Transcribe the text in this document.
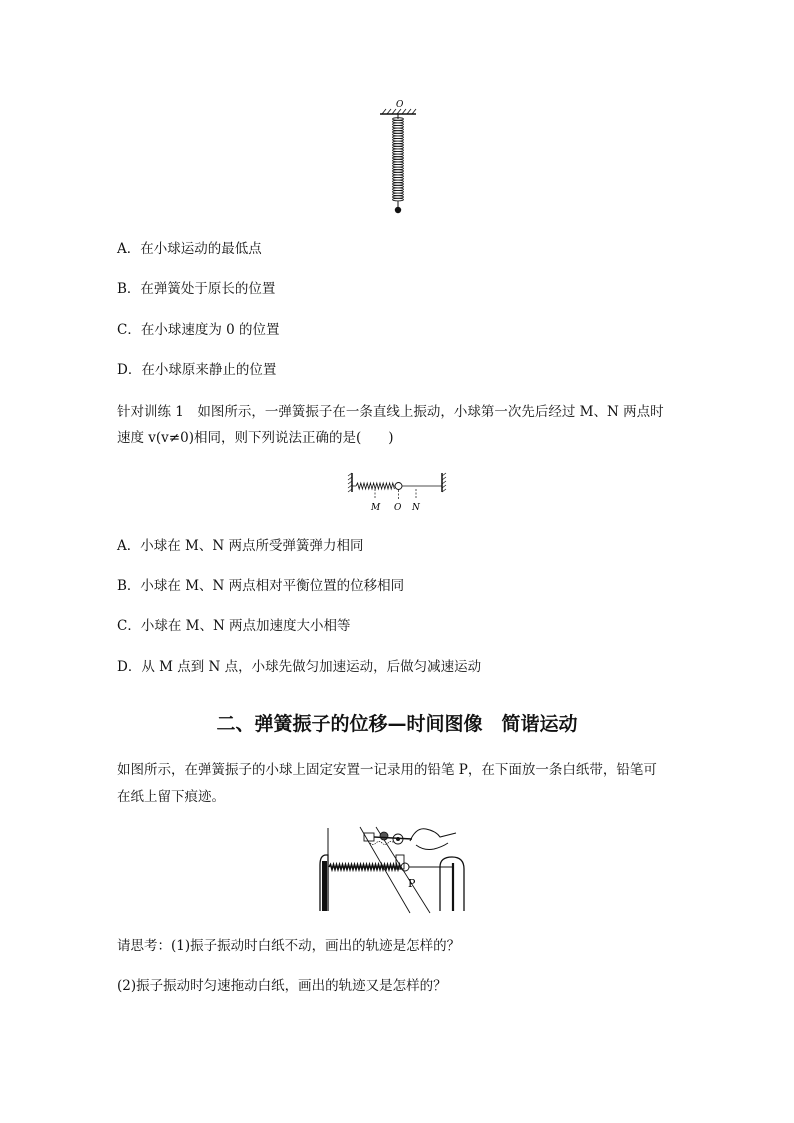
O
A．在小球运动的最低点
B．在弹簧处于原长的位置
C．在小球速度为 0 的位置
D．在小球原来静止的位置
针对训练 1　如图所示，一弹簧振子在一条直线上振动，小球第一次先后经过 M、N 两点时
速度 v(v≠0)相同，则下列说法正确的是(　　)
M O N
A．小球在 M、N 两点所受弹簧弹力相同
B．小球在 M、N 两点相对平衡位置的位移相同
C．小球在 M、N 两点加速度大小相等
D．从 M 点到 N 点，小球先做匀加速运动，后做匀减速运动
二、弹簧振子的位移—时间图像　简谐运动
如图所示，在弹簧振子的小球上固定安置一记录用的铅笔 P，在下面放一条白纸带，铅笔可
在纸上留下痕迹。
P
请思考：(1)振子振动时白纸不动，画出的轨迹是怎样的？
(2)振子振动时匀速拖动白纸，画出的轨迹又是怎样的？
